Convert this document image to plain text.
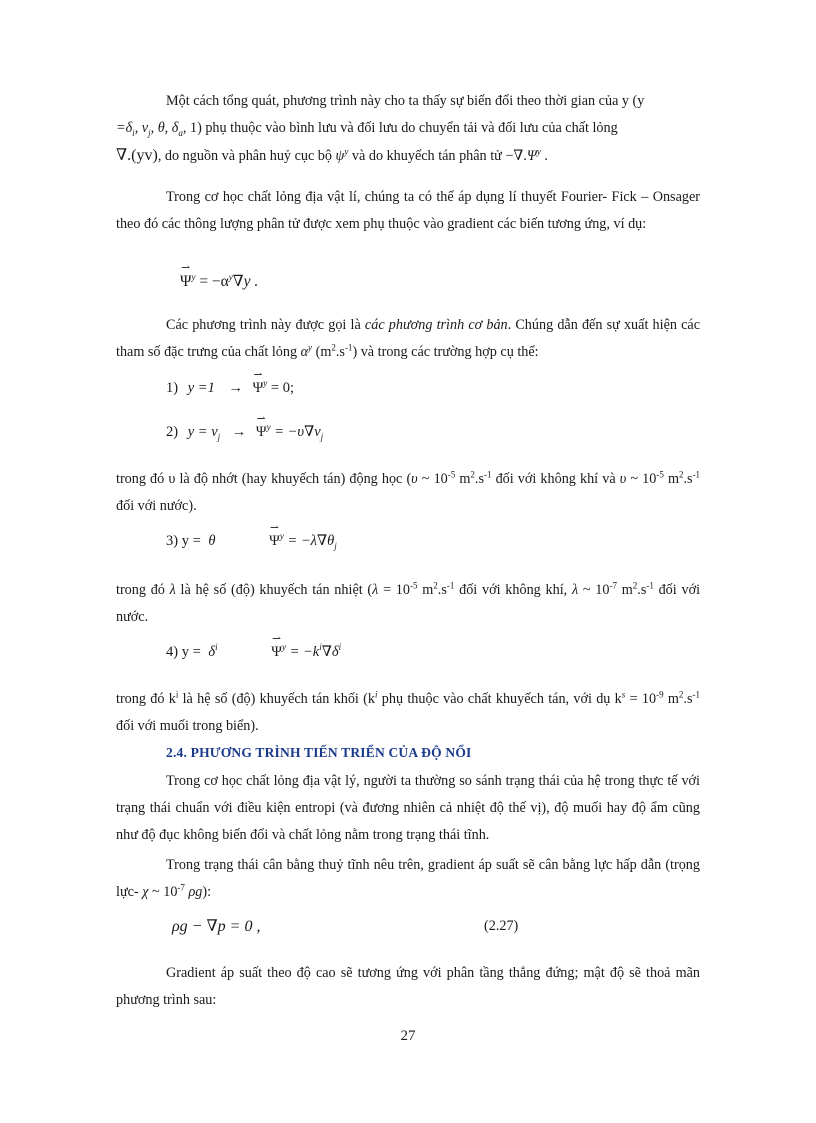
Một cách tổng quát, phương trình này cho ta thấy sự biến đổi theo thời gian của y (y

$=\delta_i$, $v_j$, θ, $\delta_a$, 1) phụ thuộc vào bình lưu và đối lưu do chuyển tải và đối lưu của chất lỏng

∇.(yv), do nguồn và phân huỷ cục bộ $\psi^y$ và do khuyếch tán phân tử $-\nabla.\Psi^y$ .

Trong cơ học chất lỏng địa vật lí, chúng ta có thể áp dụng lí thuyết Fourier- Fick – Onsager theo đó các thông lượng phân tử được xem phụ thuộc vào gradient các biến tương ứng, ví dụ:

⇀
$\Psi^y = -\alpha^y\nabla y$ .

Các phương trình này được gọi là các phương trình cơ bản. Chúng dẫn đến sự xuất hiện các tham số đặc trưng của chất lỏng $\alpha^y$ $(m^2.s^{-1})$ và trong các trường hợp cụ thể:

1) y =1 →
⇀
$\Psi^y = 0$;
2) $y = v_j$ →
⇀
$\Psi^y = -\upsilon\nabla v_j$

trong đó υ là độ nhớt (hay khuyếch tán) động học (υ ~ $10^{-5}$ $m^2.s^{-1}$ đối với không khí và υ ~ $10^{-5}$ $m^2.s^{-1}$ đối với nước).

3) y = θ
⇀
$\Psi^y = -\lambda\nabla\theta_j$

trong đó λ là hệ số (độ) khuyếch tán nhiệt ($\lambda = 10^{-5}$ $m^2.s^{-1}$ đối với không khí, λ ~ $10^{-7}$ $m^2.s^{-1}$ đối với nước.

4) $y = \delta^i$
⇀
$\Psi^y = -k^i\nabla\delta^i$

trong đó $k^i$ là hệ số (độ) khuyếch tán khối ($k^i$ phụ thuộc vào chất khuyếch tán, với dụ $k^s = 10^{-9}$ $m^2.s^{-1}$ đối với muối trong biển).

2.4. PHƯƠNG TRÌNH TIẾN TRIỂN CỦA ĐỘ NỔI

Trong cơ học chất lỏng địa vật lý, người ta thường so sánh trạng thái của hệ trong thực tế với trạng thái chuẩn với điều kiện entropi (và đương nhiên cả nhiệt độ thế vị), độ muối hay độ ẩm cũng như độ đục không biến đổi và chất lỏng nằm trong trạng thái tĩnh.

Trong trạng thái cân bằng thuỷ tĩnh nêu trên, gradient áp suất sẽ cân bằng lực hấp dẫn (trọng lực- χ ~ $10^{-7}$ ρg):

ρg − ∇p = 0 ,	(2.27)

Gradient áp suất theo độ cao sẽ tương ứng với phân tầng thẳng đứng; mật độ sẽ thoả mãn phương trình sau:

27
